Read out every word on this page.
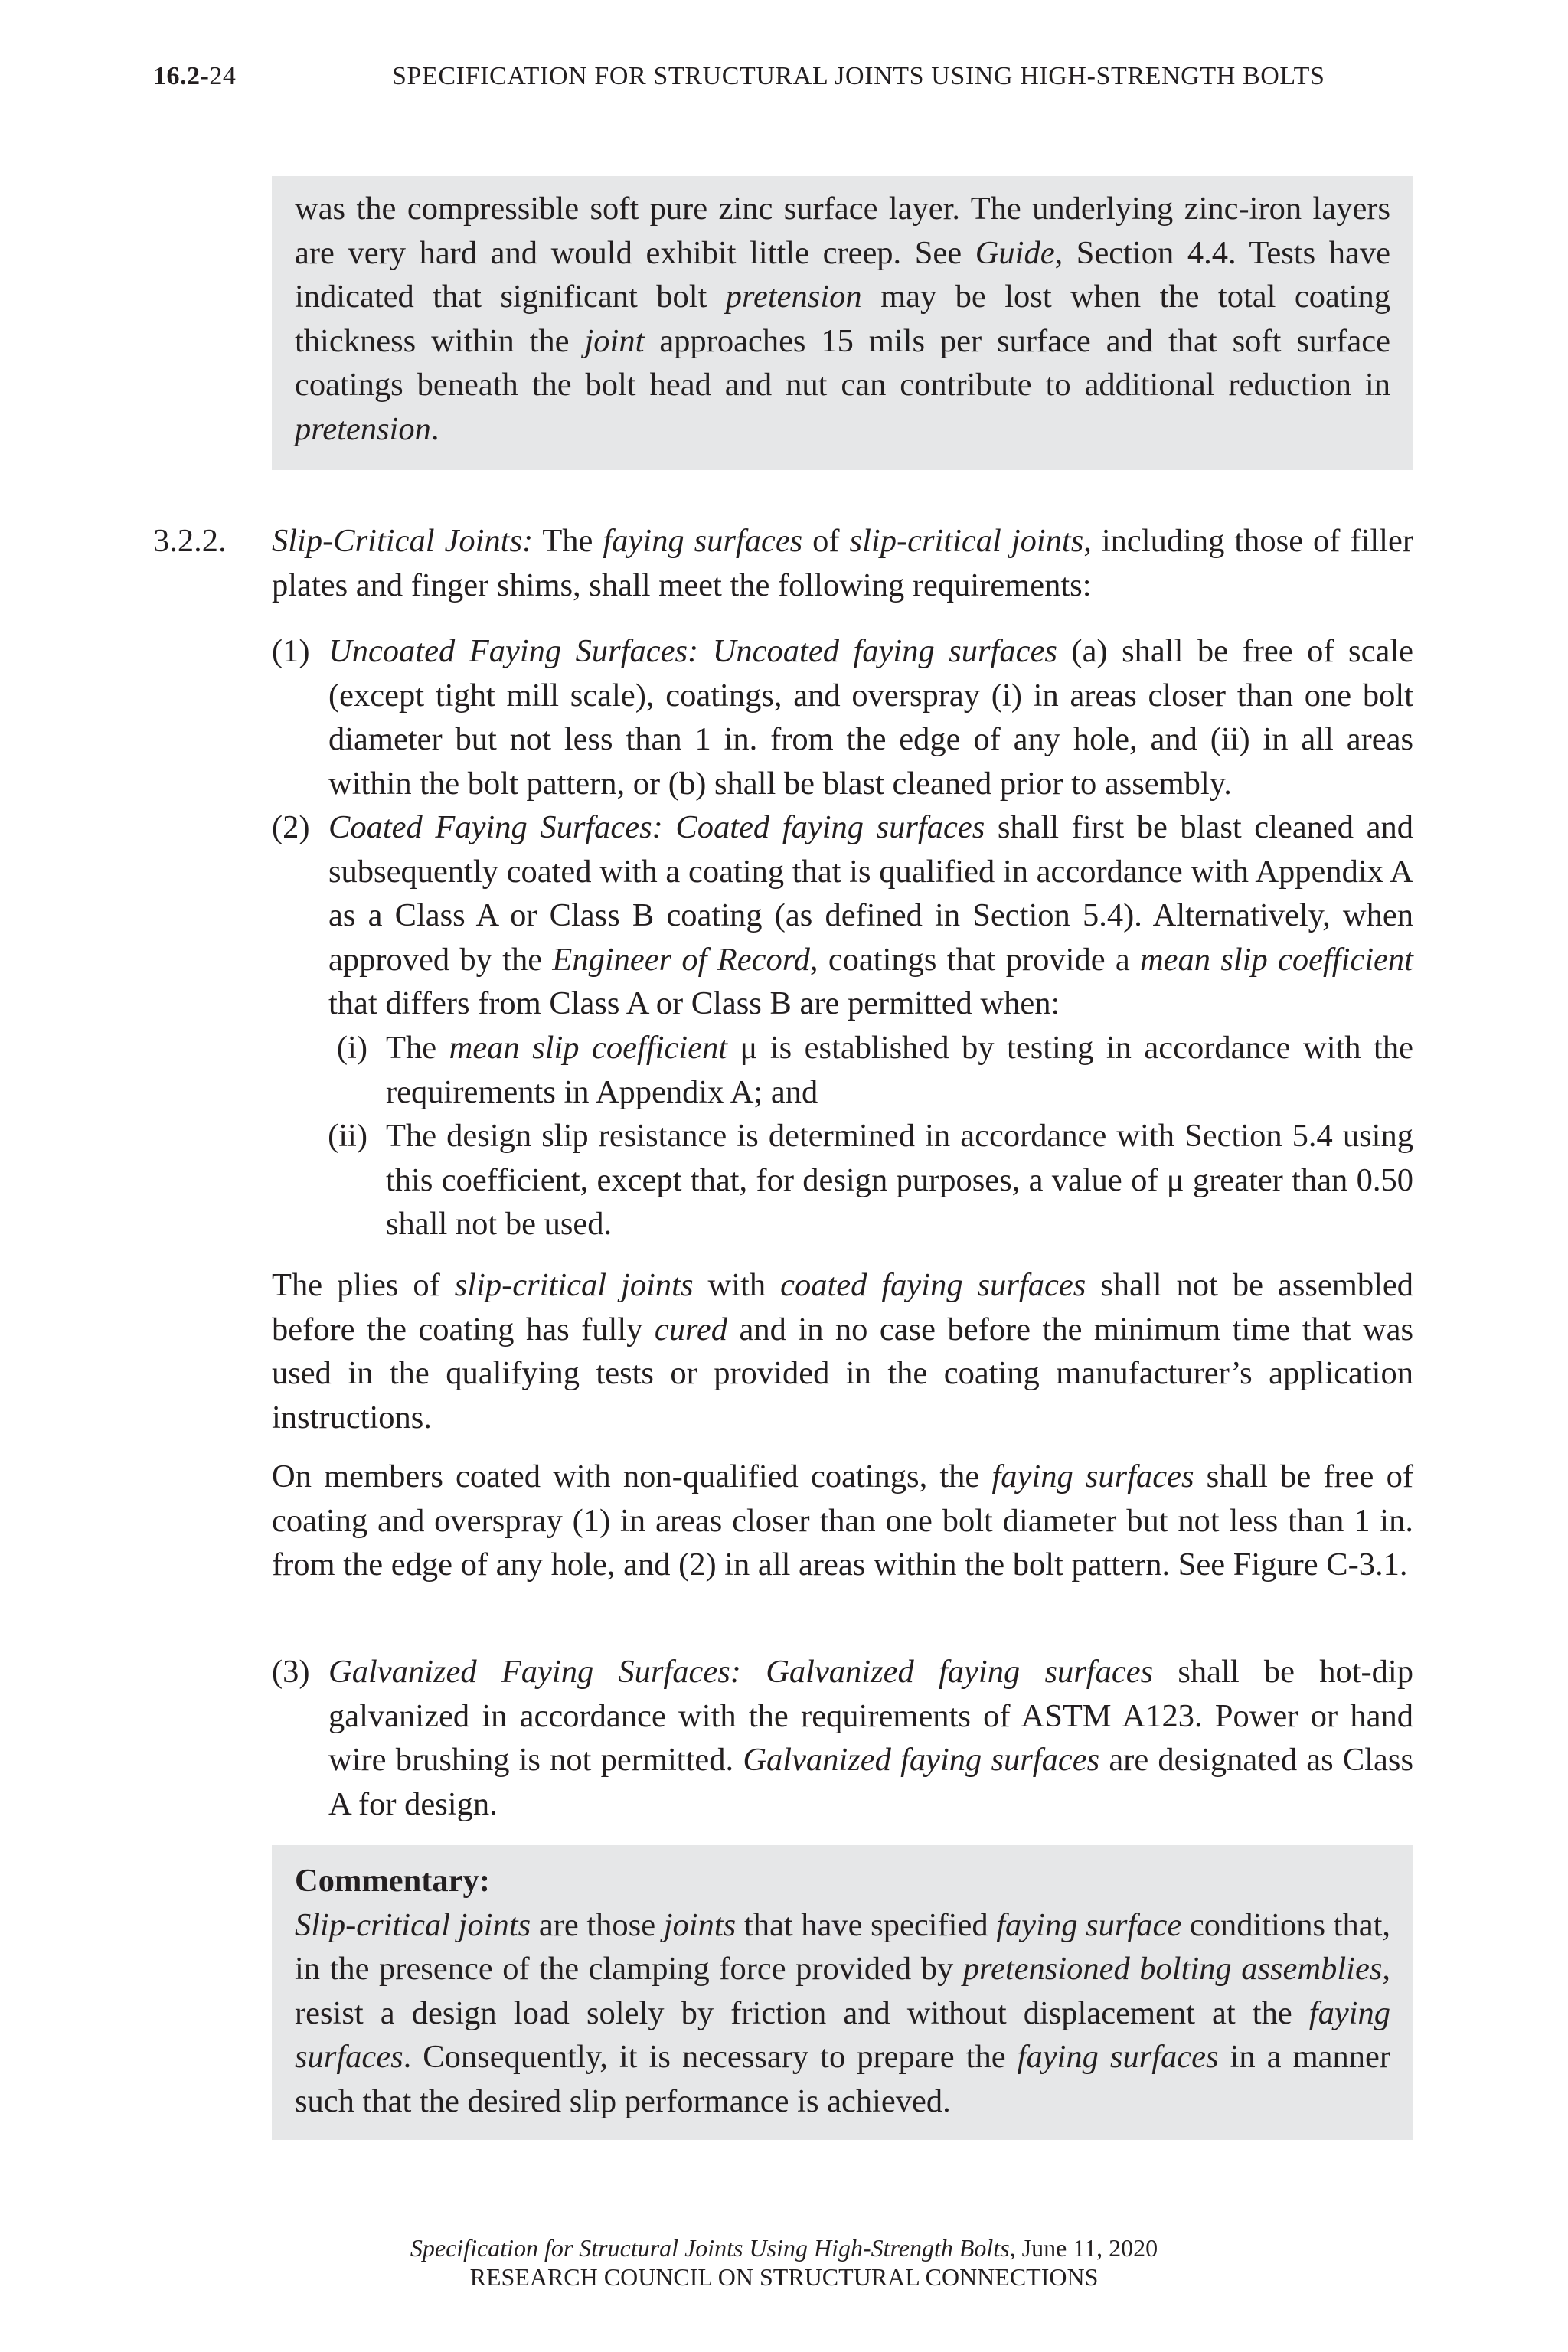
16.2-24	SPECIFICATION FOR STRUCTURAL JOINTS USING HIGH-STRENGTH BOLTS

was the compressible soft pure zinc surface layer. The underlying zinc-iron layers are very hard and would exhibit little creep. See Guide, Section 4.4. Tests have indicated that significant bolt pretension may be lost when the total coating thickness within the joint approaches 15 mils per surface and that soft surface coatings beneath the bolt head and nut can contribute to additional reduction in pretension.

3.2.2. Slip-Critical Joints: The faying surfaces of slip-critical joints, including those of filler plates and finger shims, shall meet the following requirements:
(1) Uncoated Faying Surfaces: Uncoated faying surfaces (a) shall be free of scale (except tight mill scale), coatings, and overspray (i) in areas closer than one bolt diameter but not less than 1 in. from the edge of any hole, and (ii) in all areas within the bolt pattern, or (b) shall be blast cleaned prior to assembly.
(2) Coated Faying Surfaces: Coated faying surfaces shall first be blast cleaned and subsequently coated with a coating that is qualified in accordance with Appendix A as a Class A or Class B coating (as defined in Section 5.4). Alternatively, when approved by the Engineer of Record, coatings that provide a mean slip coefficient that differs from Class A or Class B are permitted when:
(i) The mean slip coefficient μ is established by testing in accordance with the requirements in Appendix A; and
(ii) The design slip resistance is determined in accordance with Section 5.4 using this coefficient, except that, for design purposes, a value of μ greater than 0.50 shall not be used.

The plies of slip-critical joints with coated faying surfaces shall not be assembled before the coating has fully cured and in no case before the minimum time that was used in the qualifying tests or provided in the coating manufacturer’s application instructions.

On members coated with non-qualified coatings, the faying surfaces shall be free of coating and overspray (1) in areas closer than one bolt diameter but not less than 1 in. from the edge of any hole, and (2) in all areas within the bolt pattern. See Figure C-3.1.

(3) Galvanized Faying Surfaces: Galvanized faying surfaces shall be hot-dip galvanized in accordance with the requirements of ASTM A123. Power or hand wire brushing is not permitted. Galvanized faying surfaces are designated as Class A for design.

Commentary:

Slip-critical joints are those joints that have specified faying surface conditions that, in the presence of the clamping force provided by pretensioned bolting assemblies, resist a design load solely by friction and without displacement at the faying surfaces. Consequently, it is necessary to prepare the faying surfaces in a manner such that the desired slip performance is achieved.

Specification for Structural Joints Using High-Strength Bolts, June 11, 2020
RESEARCH COUNCIL ON STRUCTURAL CONNECTIONS
